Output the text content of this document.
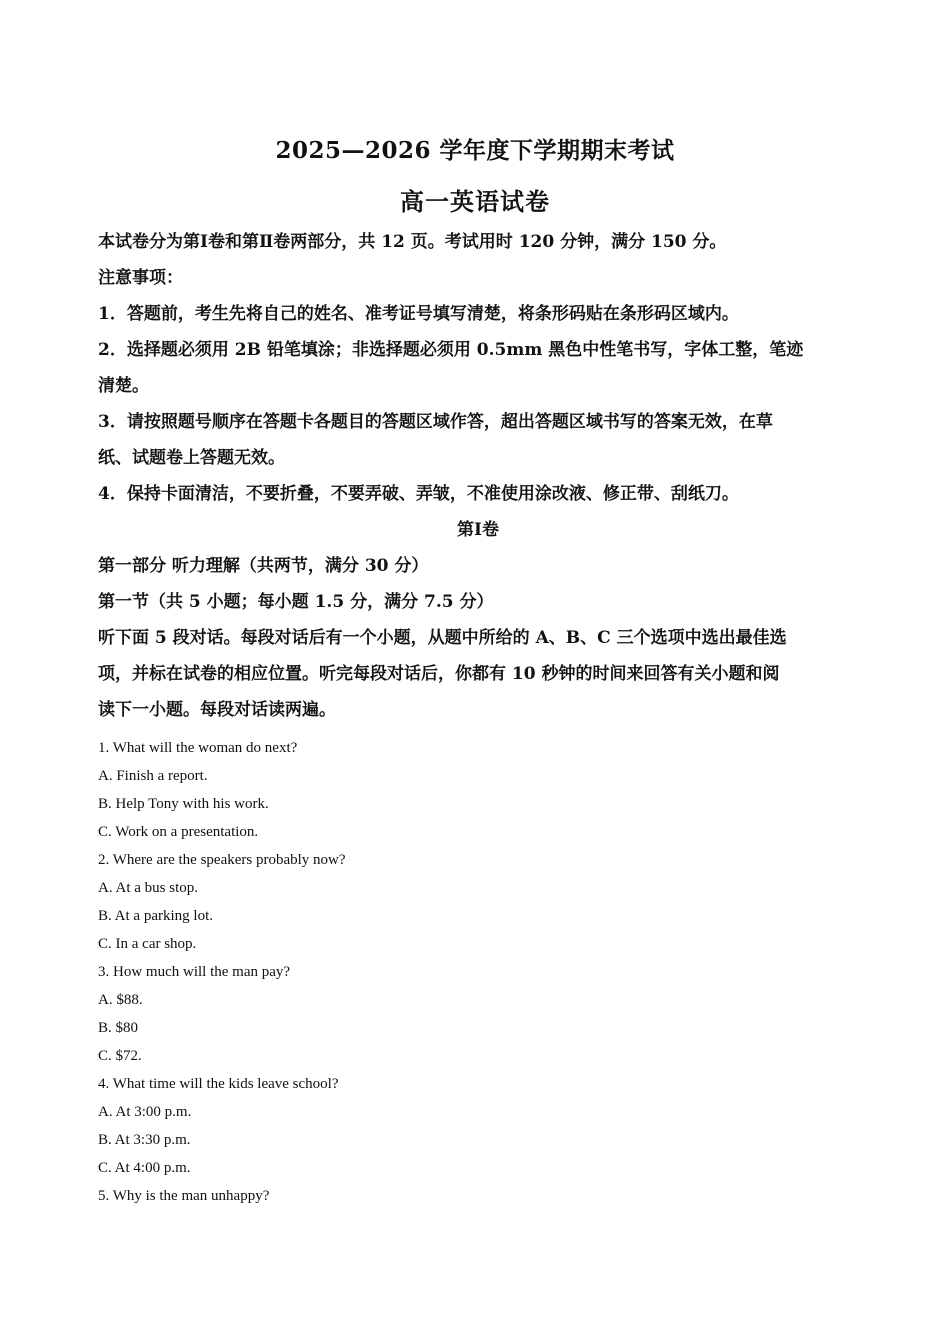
2025—2026 学年度下学期期末考试
高一英语试卷

本试卷分为第Ⅰ卷和第Ⅱ卷两部分，共 12 页。考试用时 120 分钟，满分 150 分。

注意事项：

1．答题前，考生先将自己的姓名、准考证号填写清楚，将条形码贴在条形码区域内。

2．选择题必须用 2B 铅笔填涂；非选择题必须用 0.5mm 黑色中性笔书写，字体工整，笔迹

清楚。

3．请按照题号顺序在答题卡各题目的答题区域作答，超出答题区域书写的答案无效，在草

纸、试题卷上答题无效。

4．保持卡面清洁，不要折叠，不要弄破、弄皱，不准使用涂改液、修正带、刮纸刀。

第Ⅰ卷

第一部分 听力理解（共两节，满分 30 分）

第一节（共 5 小题；每小题 1.5 分，满分 7.5 分）

听下面 5 段对话。每段对话后有一个小题，从题中所给的 A、B、C 三个选项中选出最佳选

项，并标在试卷的相应位置。听完每段对话后，你都有 10 秒钟的时间来回答有关小题和阅

读下一小题。每段对话读两遍。

1. What will the woman do next?

A. Finish a report.

B. Help Tony with his work.

C. Work on a presentation.

2. Where are the speakers probably now?

A. At a bus stop.

B. At a parking lot.

C. In a car shop.

3. How much will the man pay?

A. $88.

B. $80

C. $72.

4. What time will the kids leave school?

A. At 3:00 p.m.

B. At 3:30 p.m.

C. At 4:00 p.m.

5. Why is the man unhappy?
